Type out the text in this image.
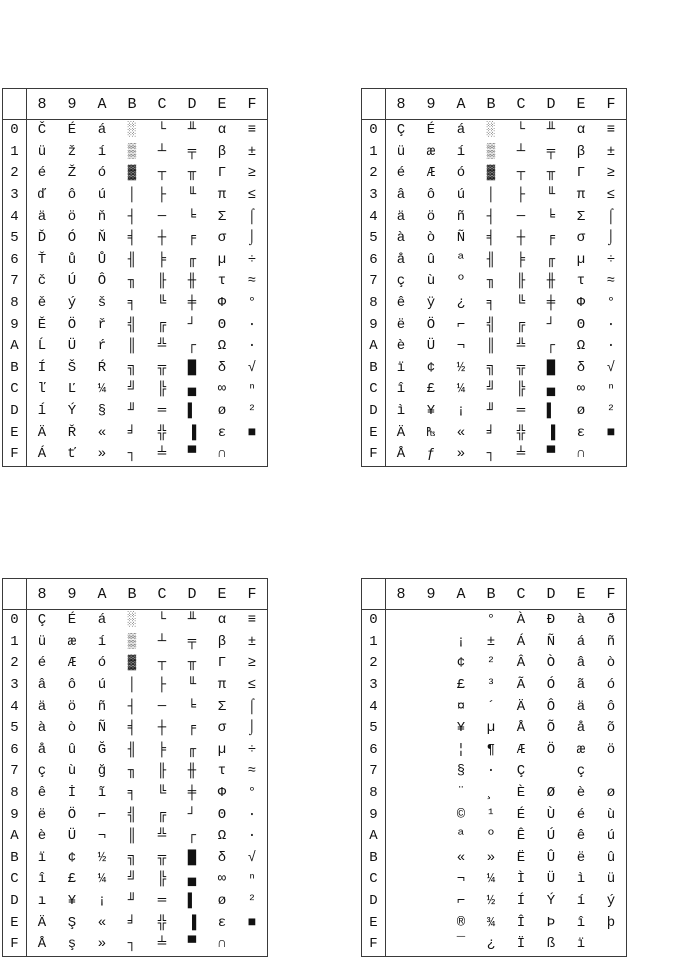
	8	9	A	B	C	D	E	F
0	Č	É	á	░	└	╨	α	≡
1	ü	ž	í	▒	┴	╤	β	±
2	é	Ž	ó	▓	┬	╥	Γ	≥
3	ď	ô	ú	│	├	╙	π	≤
4	ä	ö	ň	┤	─	╘	Σ	⌠
5	Ď	Ó	Ň	╡	┼	╒	σ	⌡
6	Ť	ů	Ů	╢	╞	╓	µ	÷
7	č	Ú	Ô	╖	╟	╫	τ	≈
8	ě	ý	š	╕	╚	╪	Φ	°
9	Ě	Ö	ř	╣	╔	┘	Θ	∙
A	Ĺ	Ü	ŕ	║	╩	┌	Ω	·
B	Í	Š	Ŕ	╗	╦	█	δ	√
C	ľ	Ľ	¼	╝	╠	▄	∞	ⁿ
D	ĺ	Ý	§	╜	═	▌	ø	²
E	Ä	Ř	«	╛	╬	▐	ε	■
F	Á	ť	»	┐	╧	▀	∩	
	8	9	A	B	C	D	E	F
0	Ç	É	á	░	└	╨	α	≡
1	ü	æ	í	▒	┴	╤	β	±
2	é	Æ	ó	▓	┬	╥	Γ	≥
3	â	ô	ú	│	├	╙	π	≤
4	ä	ö	ñ	┤	─	╘	Σ	⌠
5	à	ò	Ñ	╡	┼	╒	σ	⌡
6	å	û	ª	╢	╞	╓	µ	÷
7	ç	ù	º	╖	╟	╫	τ	≈
8	ê	ÿ	¿	╕	╚	╪	Φ	°
9	ë	Ö	⌐	╣	╔	┘	Θ	∙
A	è	Ü	¬	║	╩	┌	Ω	·
B	ï	¢	½	╗	╦	█	δ	√
C	î	£	¼	╝	╠	▄	∞	ⁿ
D	ì	¥	¡	╜	═	▌	ø	²
E	Ä	₧	«	╛	╬	▐	ε	■
F	Å	ƒ	»	┐	╧	▀	∩	
	8	9	A	B	C	D	E	F
0	Ç	É	á	░	└	╨	α	≡
1	ü	æ	í	▒	┴	╤	β	±
2	é	Æ	ó	▓	┬	╥	Γ	≥
3	â	ô	ú	│	├	╙	π	≤
4	ä	ö	ñ	┤	─	╘	Σ	⌠
5	à	ò	Ñ	╡	┼	╒	σ	⌡
6	å	û	Ğ	╢	╞	╓	µ	÷
7	ç	ù	ğ	╖	╟	╫	τ	≈
8	ê	İ	ĩ	╕	╚	╪	Φ	°
9	ë	Ö	⌐	╣	╔	┘	Θ	∙
A	è	Ü	¬	║	╩	┌	Ω	·
B	ï	¢	½	╗	╦	█	δ	√
C	î	£	¼	╝	╠	▄	∞	ⁿ
D	ı	¥	¡	╜	═	▌	ø	²
E	Ä	Ş	«	╛	╬	▐	ε	■
F	Å	ş	»	┐	╧	▀	∩	
	8	9	A	B	C	D	E	F
0				°	À	Ð	à	ð
1			¡	±	Á	Ñ	á	ñ
2			¢	²	Â	Ò	â	ò
3			£	³	Ã	Ó	ã	ó
4			¤	´	Ä	Ô	ä	ô
5			¥	µ	Å	Õ	å	õ
6			¦	¶	Æ	Ö	æ	ö
7			§	·	Ç		ç	
8			¨	¸	È	Ø	è	ø
9			©	¹	É	Ù	é	ù
A			ª	º	Ê	Ú	ê	ú
B			«	»	Ë	Û	ë	û
C			¬	¼	Ì	Ü	ì	ü
D			⌐	½	Í	Ý	í	ý
E			®	¾	Î	Þ	î	þ
F			¯	¿	Ï	ß	ï	
